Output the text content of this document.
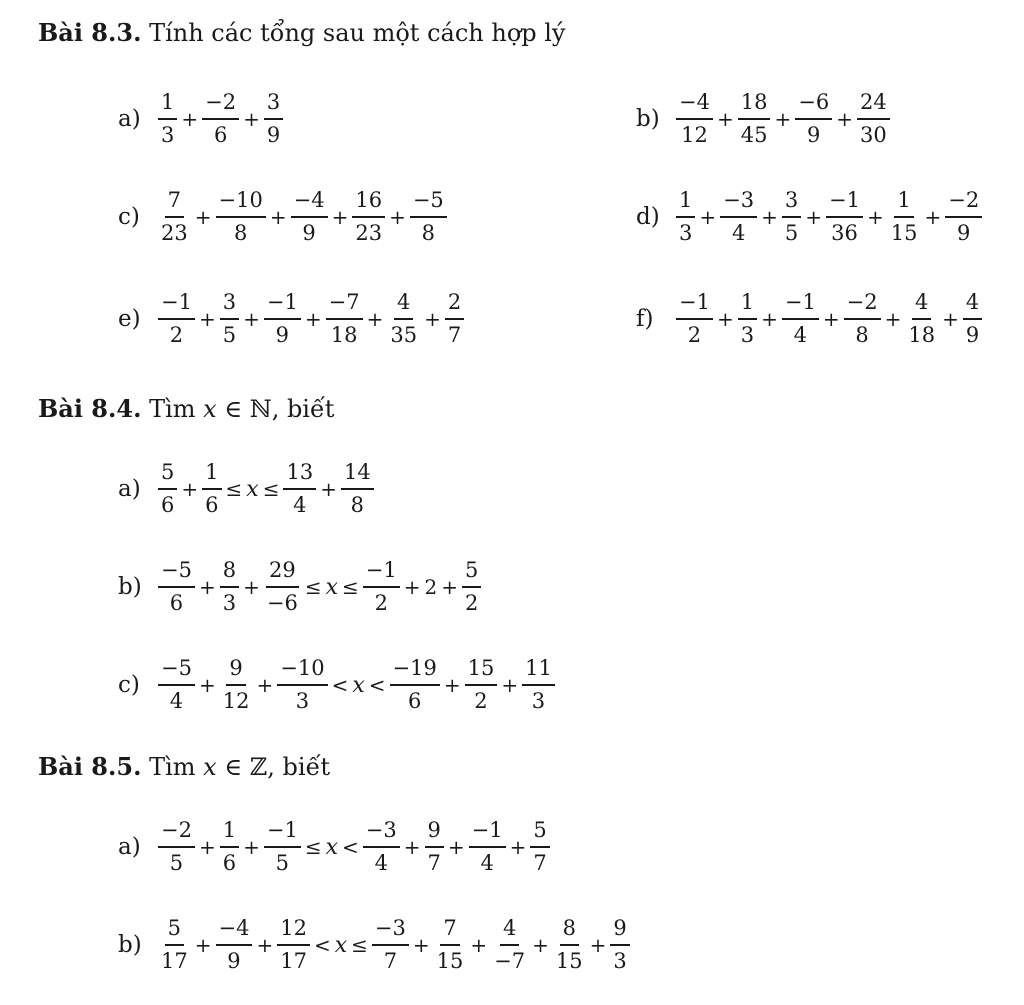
Bài 8.3. Tính các tổng sau một cách hợp lý
$a) \frac{1}{3} + \frac{-2}{6} + \frac{3}{9}$	$b) \frac{-4}{12} + \frac{18}{45} + \frac{-6}{9} + \frac{24}{30}$
$c) \frac{7}{23} + \frac{-10}{8} + \frac{-4}{9} + \frac{16}{23} + \frac{-5}{8}$	$d) \frac{1}{3} + \frac{-3}{4} + \frac{3}{5} + \frac{-1}{36} + \frac{1}{15} + \frac{-2}{9}$
$e) \frac{-1}{2} + \frac{3}{5} + \frac{-1}{9} + \frac{-7}{18} + \frac{4}{35} + \frac{2}{7}$	f)	$\frac{-1}{2} + \frac{1}{3} + \frac{-1}{4} + \frac{-2}{8} + \frac{4}{18} + \frac{4}{9}$
Bài 8.4. Tìm x ∈ ℕ, biết
$a) \frac{5}{6} + \frac{1}{6} \le x \le \frac{13}{4} + \frac{14}{8}$
$b) \frac{-5}{6} + \frac{8}{3} + \frac{29}{-6} \le x \le \frac{-1}{2} + 2 + \frac{5}{2}$
$c) \frac{-5}{4} + \frac{9}{12} + \frac{-10}{3} < x < \frac{-19}{6} + \frac{15}{2} + \frac{11}{3}$
Bài 8.5. Tìm x ∈ ℤ, biết
$a) \frac{-2}{5} + \frac{1}{6} + \frac{-1}{5} \le x < \frac{-3}{4} + \frac{9}{7} + \frac{-1}{4} + \frac{5}{7}$
$b) \frac{5}{17} + \frac{-4}{9} + \frac{12}{17} < x \le \frac{-3}{7} + \frac{7}{15} + \frac{4}{-7} + \frac{8}{15} + \frac{9}{3}$
